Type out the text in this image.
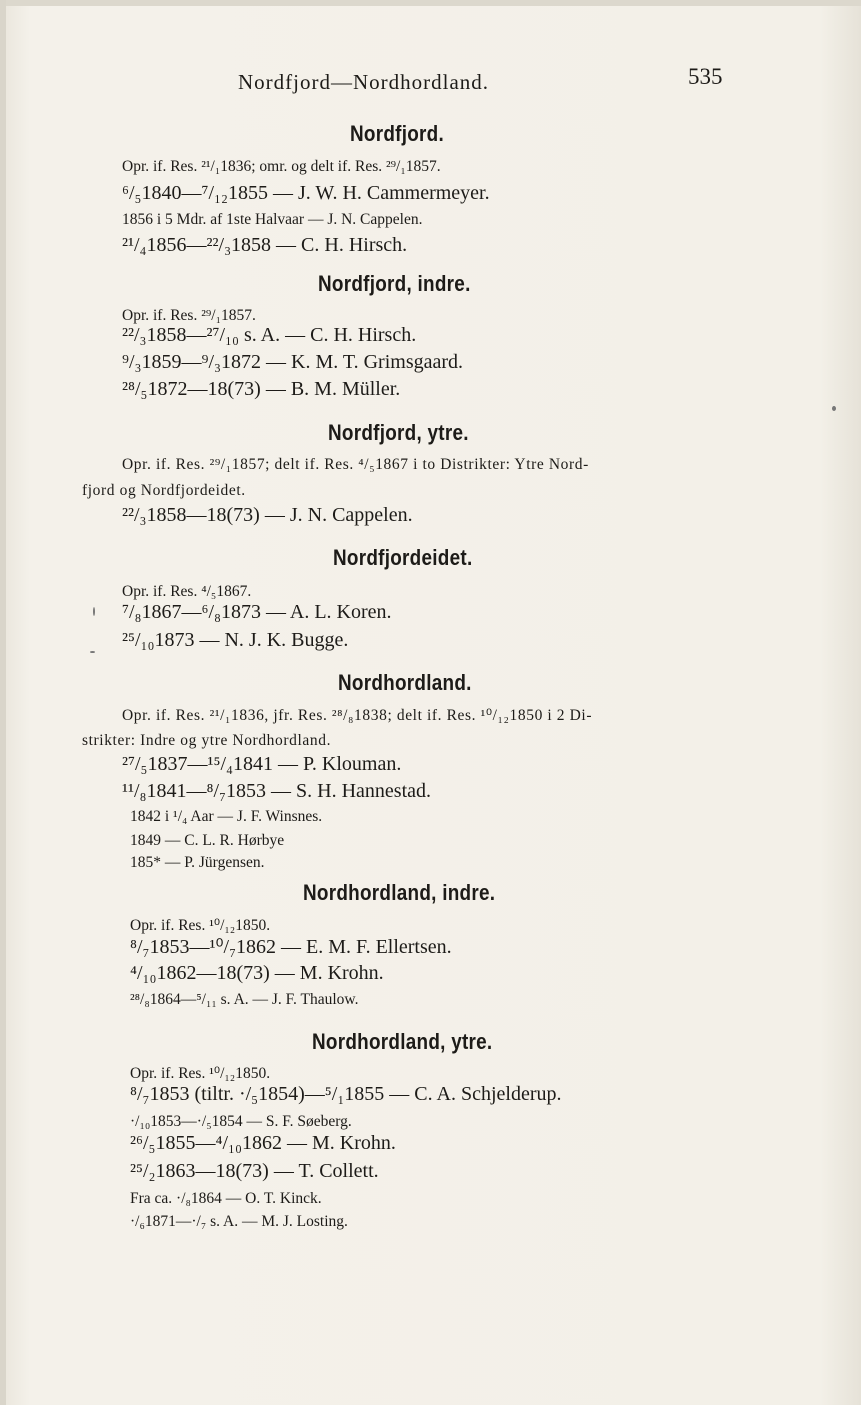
Nordfjord—Nordhordland.	535
Nordfjord.
Opr. if. Res. ²¹/₁1836; omr. og delt if. Res. ²⁹/₁1857.
⁶/₅1840—⁷/₁₂1855 — J. W. H. Cammermeyer.
1856 i 5 Mdr. af 1ste Halvaar — J. N. Cappelen.
²¹/₄1856—²²/₃1858 — C. H. Hirsch.
Nordfjord, indre.
Opr. if. Res. ²⁹/₁1857.
²²/₃1858—²⁷/₁₀ s. A. — C. H. Hirsch.
⁹/₃1859—⁹/₃1872 — K. M. T. Grimsgaard.
²⁸/₅1872—18(73) — B. M. Müller.
Nordfjord, ytre.
Opr. if. Res. ²⁹/₁1857; delt if. Res. ⁴/₅1867 i to Distrikter: Ytre Nord-
fjord og Nordfjordeidet.
²²/₃1858—18(73) — J. N. Cappelen.
Nordfjordeidet.
Opr. if. Res. ⁴/₅1867.
⁷/₈1867—⁶/₈1873 — A. L. Koren.
²⁵/₁₀1873 — N. J. K. Bugge.
Nordhordland.
Opr. if. Res. ²¹/₁1836, jfr. Res. ²⁸/₈1838; delt if. Res. ¹⁰/₁₂1850 i 2 Di-
strikter: Indre og ytre Nordhordland.
²⁷/₅1837—¹⁵/₄1841 — P. Klouman.
¹¹/₈1841—⁸/₇1853 — S. H. Hannestad.
1842 i ¹/₄ Aar — J. F. Winsnes.
1849 — C. L. R. Hørbye
185* — P. Jürgensen.
Nordhordland, indre.
Opr. if. Res. ¹⁰/₁₂1850.
⁸/₇1853—¹⁰/₇1862 — E. M. F. Ellertsen.
⁴/₁₀1862—18(73) — M. Krohn.
²⁸/₈1864—⁵/₁₁ s. A. — J. F. Thaulow.
Nordhordland, ytre.
Opr. if. Res. ¹⁰/₁₂1850.
⁸/₇1853 (tiltr. ·/₅1854)—⁵/₁1855 — C. A. Schjelderup.
·/₁₀1853—·/₅1854 — S. F. Søeberg.
²⁶/₅1855—⁴/₁₀1862 — M. Krohn.
²⁵/₂1863—18(73) — T. Collett.
Fra ca. ·/₈1864 — O. T. Kinck.
·/₆1871—·/₇ s. A. — M. J. Losting.
